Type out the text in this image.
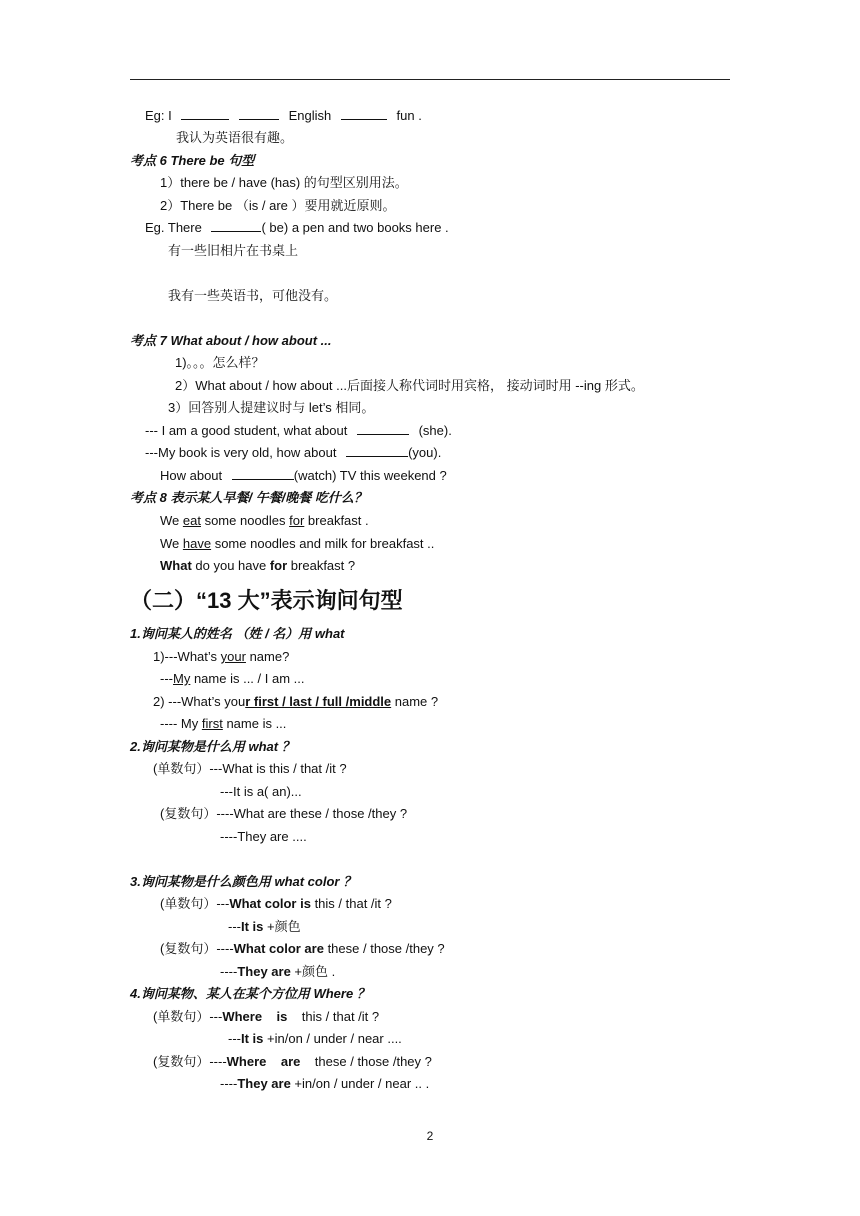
Eg: I	English	fun .
我认为英语很有趣。
考点 6 There be 句型
1）there be / have (has) 的句型区别用法。
2）There be （is / are ）要用就近原则。
Eg. There	( be) a pen and two books here .
有一些旧相片在书桌上
我有一些英语书，可他没有。
考点 7 What about / how about ...
1)。。。怎么样？
2）What about / how about ...后面接人称代词时用宾格， 接动词时用 --ing 形式。
3）回答别人提建议时与 let’s 相同。
--- I am a good student, what about	(she).
---My book is very old, how about	(you).
How about	(watch) TV this weekend ?
考点 8 表示某人早餐/ 午餐/晚餐 吃什么？
We eat some noodles for breakfast .
We have some noodles and milk for breakfast ..
What do you have for breakfast ?
（二）“13 大”表示询问句型
1.询问某人的姓名 （姓 / 名）用 what
1)---What’s your name?
---My name is ... / I am ...
2) ---What’s your first / last / full /middle name ?
---- My first name is ...
2.询问某物是什么用 what ？
(单数句）---What is this / that /it ?
---It is a( an)...
(复数句）----What are these / those /they ?
----They are ....
3.询问某物是什么颜色用 what color ？
(单数句）---What color is this / that /it ?
---It is +颜色
(复数句）----What color are these / those /they ?
----They are +颜色 .
4.询问某物、某人在某个方位用 Where ？
(单数句）---Where    is    this / that /it ?
---It is +in/on / under / near ....
(复数句）----Where    are    these / those /they ?
----They are +in/on / under / near .. .
2
